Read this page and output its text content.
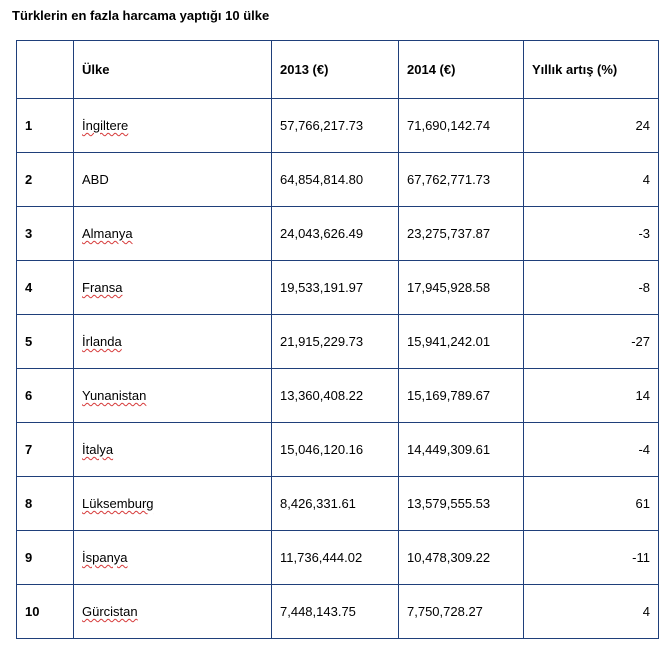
Türklerin en fazla harcama yaptığı 10 ülke
	Ülke	2013 (€)	2014 (€)	Yıllık artış (%)
1	İngiltere	57,766,217.73	71,690,142.74	24
2	ABD	64,854,814.80	67,762,771.73	4
3	Almanya	24,043,626.49	23,275,737.87	-3
4	Fransa	19,533,191.97	17,945,928.58	-8
5	İrlanda	21,915,229.73	15,941,242.01	-27
6	Yunanistan	13,360,408.22	15,169,789.67	14
7	İtalya	15,046,120.16	14,449,309.61	-4
8	Lüksemburg	8,426,331.61	13,579,555.53	61
9	İspanya	11,736,444.02	10,478,309.22	-11
10	Gürcistan	7,448,143.75	7,750,728.27	4
